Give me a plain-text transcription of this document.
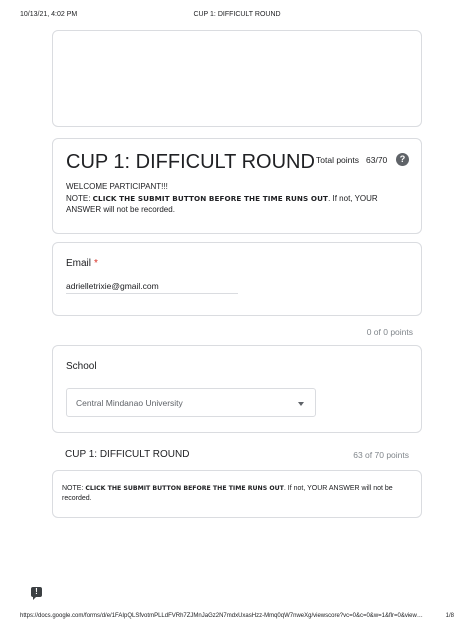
10/13/21, 4:02 PM	CUP 1: DIFFICULT ROUND
CUP 1: DIFFICULT ROUND Total points 63/70	?
WELCOME PARTICIPANT!!!
NOTE: CLICK THE SUBMIT BUTTON BEFORE THE TIME RUNS OUT. If not, YOUR ANSWER will not be recorded.
Email *
adrielletrixie@gmail.com
0 of 0 points
School
Central Mindanao University
CUP 1: DIFFICULT ROUND	63 of 70 points
NOTE: CLICK THE SUBMIT BUTTON BEFORE THE TIME RUNS OUT. If not, YOUR ANSWER will not be recorded.
!
https://docs.google.com/forms/d/e/1FAIpQLSfvotmPLLdFVRh7ZJMnJaGz2N7mdxUxasHzz-Mmq0qW7nweXg/viewscore?vc=0&c=0&w=1&flr=0&view…	1/8
